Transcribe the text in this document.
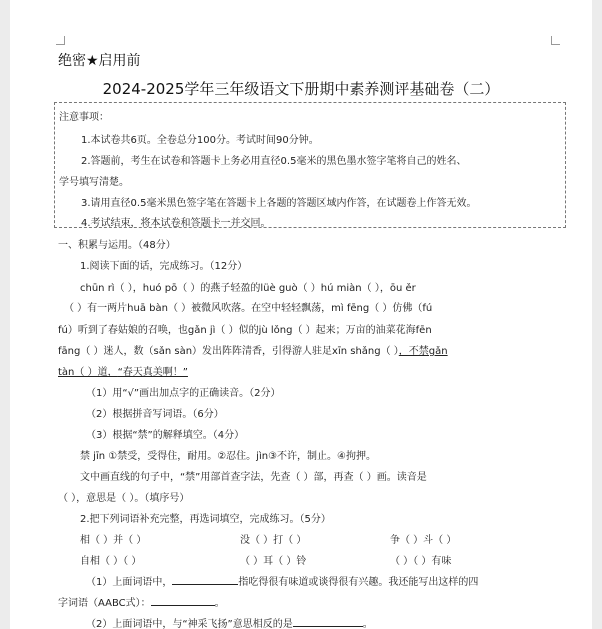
绝密★启用前
2024-2025学年三年级语文下册期中素养测评基础卷（二）
注意事项：
1.本试卷共6页。全卷总分100分。考试时间90分钟。
2.答题前，考生在试卷和答题卡上务必用直径0.5毫米的黑色墨水签字笔将自己的姓名、
学号填写清楚。
3.请用直径0.5毫米黑色签字笔在答题卡上各题的答题区域内作答，在试题卷上作答无效。
4.考试结束，将本试卷和答题卡一并交回。
一、积累与运用。（48分）
1.阅读下面的话，完成练习。（12分）
chūn rì（ ），huó pō（ ）的燕子轻盈的lüè guò（ ）hú miàn（ ），ōu ěr
（ ）有一两片huā bàn（ ）被微风吹落。在空中轻轻飘荡，mì fēng（ ）仿佛（fú
fú）听到了春姑娘的召唤，也gǎn jì（ ）似的jù lǒng（ ）起来；万亩的油菜花海fēn
fāng（ ）迷人，数（sǎn sàn）发出阵阵清香，引得游人驻足xīn shǎng（ ），不禁gǎn
tàn（ ）道，“春天真美啊！”
（1）用“√”画出加点字的正确读音。（2分）
（2）根据拼音写词语。（6分）
（3）根据“禁”的解释填空。（4分）
禁 jīn ①禁受，受得住，耐用。②忍住。jìn③不许，制止。④拘押。
文中画直线的句子中，“禁”用部首查字法，先查（ ）部，再查（ ）画。读音是
（ ），意思是（ ）。（填序号）
2.把下列词语补充完整，再选词填空，完成练习。（5分）
相（ ）并（ ）	没（ ）打（ ）	争（ ）斗（ ）
自相（ ）（ ）	（ ）耳（ ）铃	（ ）（ ）有味
（1）上面词语中，	指吃得很有味道或谈得很有兴趣。我还能写出这样的四
字词语（AABC式）：	。
（2）上面词语中，与“神采飞扬”意思相反的是	。
